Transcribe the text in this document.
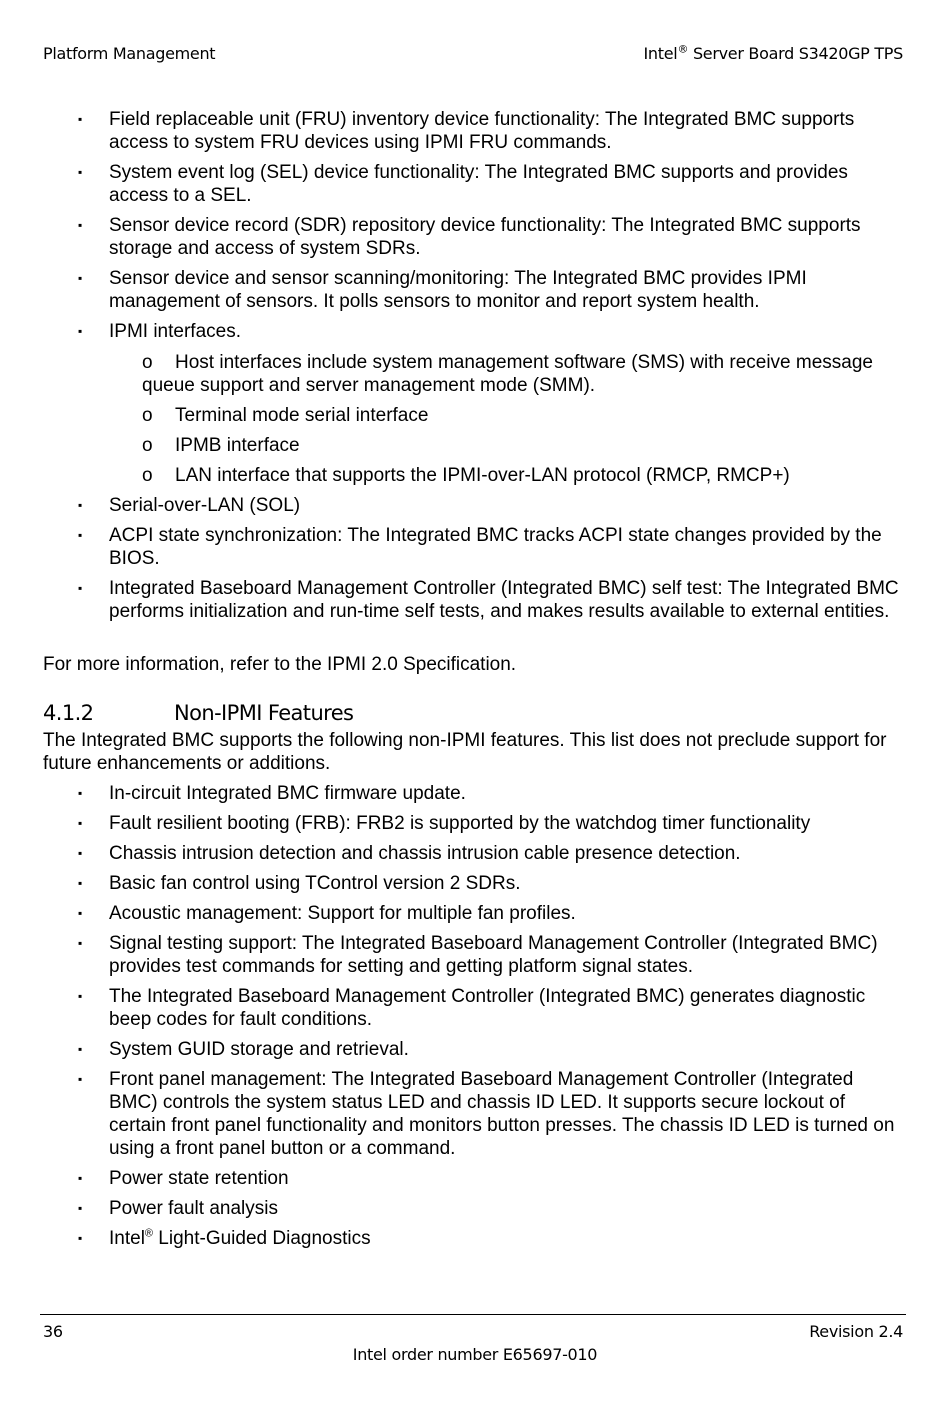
Platform Management	Intel® Server Board S3420GP TPS
▪ Field replaceable unit (FRU) inventory device functionality: The Integrated BMC supports access to system FRU devices using IPMI FRU commands.
▪ System event log (SEL) device functionality: The Integrated BMC supports and provides access to a SEL.
▪ Sensor device record (SDR) repository device functionality: The Integrated BMC supports storage and access of system SDRs.
▪ Sensor device and sensor scanning/monitoring: The Integrated BMC provides IPMI management of sensors. It polls sensors to monitor and report system health.
▪ IPMI interfaces.
o Host interfaces include system management software (SMS) with receive message queue support and server management mode (SMM).
o Terminal mode serial interface
o IPMB interface
o LAN interface that supports the IPMI-over-LAN protocol (RMCP, RMCP+)
▪ Serial-over-LAN (SOL)
▪ ACPI state synchronization: The Integrated BMC tracks ACPI state changes provided by the BIOS.
▪ Integrated Baseboard Management Controller (Integrated BMC) self test: The Integrated BMC performs initialization and run-time self tests, and makes results available to external entities.

For more information, refer to the IPMI 2.0 Specification.

4.1.2	Non-IPMI Features

The Integrated BMC supports the following non-IPMI features. This list does not preclude support for future enhancements or additions.

▪ In-circuit Integrated BMC firmware update.
▪ Fault resilient booting (FRB): FRB2 is supported by the watchdog timer functionality
▪ Chassis intrusion detection and chassis intrusion cable presence detection.
▪ Basic fan control using TControl version 2 SDRs.
▪ Acoustic management: Support for multiple fan profiles.
▪ Signal testing support: The Integrated Baseboard Management Controller (Integrated BMC) provides test commands for setting and getting platform signal states.
▪ The Integrated Baseboard Management Controller (Integrated BMC) generates diagnostic beep codes for fault conditions.
▪ System GUID storage and retrieval.
▪ Front panel management: The Integrated Baseboard Management Controller (Integrated BMC) controls the system status LED and chassis ID LED. It supports secure lockout of certain front panel functionality and monitors button presses. The chassis ID LED is turned on using a front panel button or a command.
▪ Power state retention
▪ Power fault analysis
▪ Intel® Light-Guided Diagnostics
36	Revision 2.4
Intel order number E65697-010
